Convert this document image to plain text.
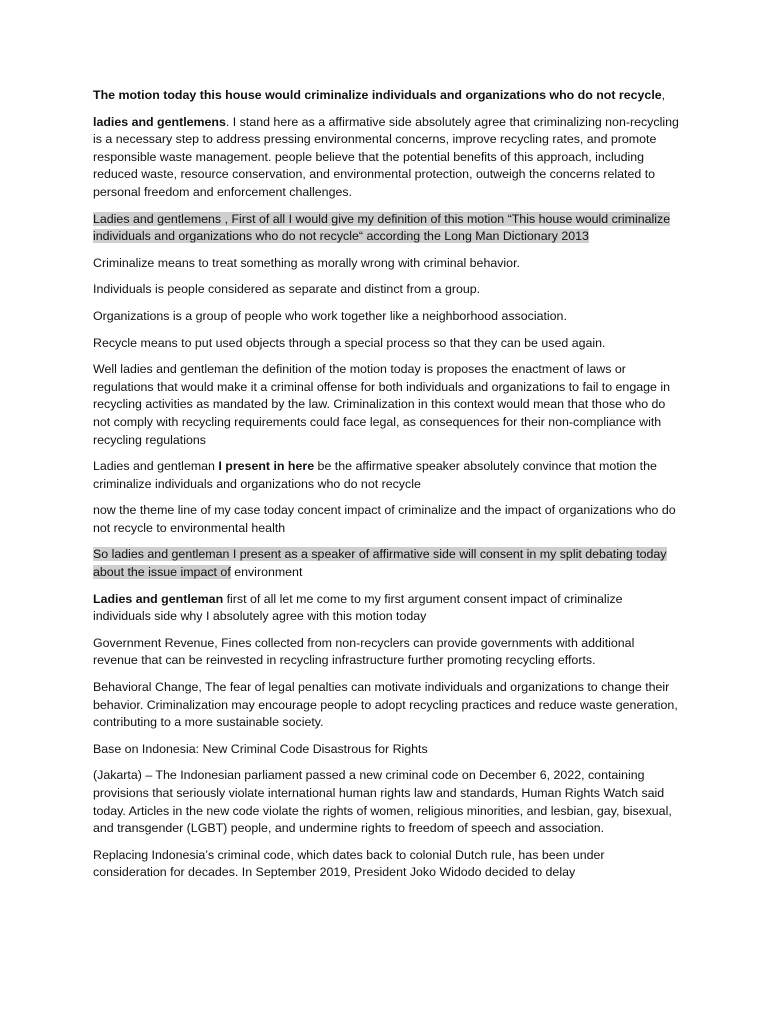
The motion today this house would criminalize individuals and organizations who do not recycle,

ladies and gentlemens. I stand here as a affirmative side absolutely agree that criminalizing non-recycling is a necessary step to address pressing environmental concerns, improve recycling rates, and promote responsible waste management. people believe that the potential benefits of this approach, including reduced waste, resource conservation, and environmental protection, outweigh the concerns related to personal freedom and enforcement challenges.

Ladies and gentlemens , First of all I would give my definition of this motion “This house would criminalize individuals and organizations who do not recycle“ according the Long Man Dictionary 2013

Criminalize means to treat something as morally wrong with criminal behavior.

Individuals is people considered as separate and distinct from a group.

Organizations is a group of people who work together like a neighborhood association.

Recycle means to put used objects through a special process so that they can be used again.

Well ladies and gentleman the definition of the motion today is proposes the enactment of laws or regulations that would make it a criminal offense for both individuals and organizations to fail to engage in recycling activities as mandated by the law. Criminalization in this context would mean that those who do not comply with recycling requirements could face legal, as consequences for their non-compliance with recycling regulations

Ladies and gentleman I present in here be the affirmative speaker absolutely convince that motion the criminalize individuals and organizations who do not recycle

now the theme line of my case today concent impact of criminalize and the impact of organizations who do not recycle to environmental health

So ladies and gentleman I present as a speaker of affirmative side will consent in my split debating today about the issue impact of environment

Ladies and gentleman first of all let me come to my first argument consent impact of criminalize individuals side why I absolutely agree with this motion today

Government Revenue, Fines collected from non-recyclers can provide governments with additional revenue that can be reinvested in recycling infrastructure further promoting recycling efforts.

Behavioral Change, The fear of legal penalties can motivate individuals and organizations to change their behavior. Criminalization may encourage people to adopt recycling practices and reduce waste generation, contributing to a more sustainable society.

Base on Indonesia: New Criminal Code Disastrous for Rights

(Jakarta) – The Indonesian parliament passed a new criminal code on December 6, 2022, containing provisions that seriously violate international human rights law and standards, Human Rights Watch said today. Articles in the new code violate the rights of women, religious minorities, and lesbian, gay, bisexual, and transgender (LGBT) people, and undermine rights to freedom of speech and association.

Replacing Indonesia’s criminal code, which dates back to colonial Dutch rule, has been under consideration for decades. In September 2019, President Joko Widodo decided to delay
